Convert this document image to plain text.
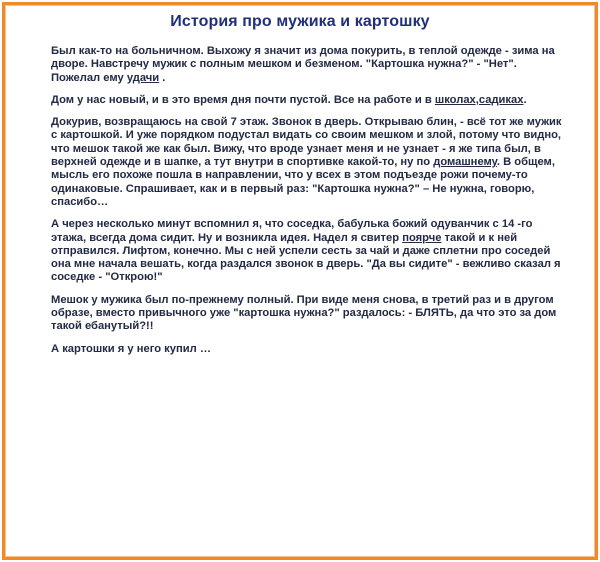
История про мужика и картошку

Был как-то на больничном. Выхожу я значит из дома покурить, в теплой одежде - зима на дворе. Навстречу мужик с полным мешком и безменом. "Картошка нужна?" - "Нет". Пожелал ему удачи .

Дом у нас новый, и в это время дня почти пустой. Все на работе и в школах,садиках.

Докурив, возвращаюсь на свой 7 этаж. Звонок в дверь. Открываю блин, - всё тот же мужик с картошкой. И уже порядком подустал видать со своим мешком и злой, потому что видно, что мешок такой же как был. Вижу, что вроде узнает меня и не узнает - я же типа был, в верхней одежде и в шапке, а тут внутри в спортивке какой-то, ну по домашнему. В общем, мысль его похоже пошла в направлении, что у всех в этом подъезде рожи почему-то одинаковые. Спрашивает, как и в первый раз: "Картошка нужна?" – Не нужна, говорю, спасибо…

А через несколько минут вспомнил я, что соседка, бабулька божий одуванчик с 14 -го этажа, всегда дома сидит. Ну и возникла идея. Надел я свитер поярче такой и к ней отправился. Лифтом, конечно. Мы с ней успели сесть за чай и даже сплетни про соседей она мне начала вешать, когда раздался звонок в дверь. "Да вы сидите" - вежливо сказал я соседке - "Открою!"

Мешок у мужика был по-прежнему полный. При виде меня снова, в третий раз и в другом образе, вместо привычного уже "картошка нужна?" раздалось: - БЛЯТЬ, да что это за дом такой ебанутый?!!

А картошки я у него купил …
